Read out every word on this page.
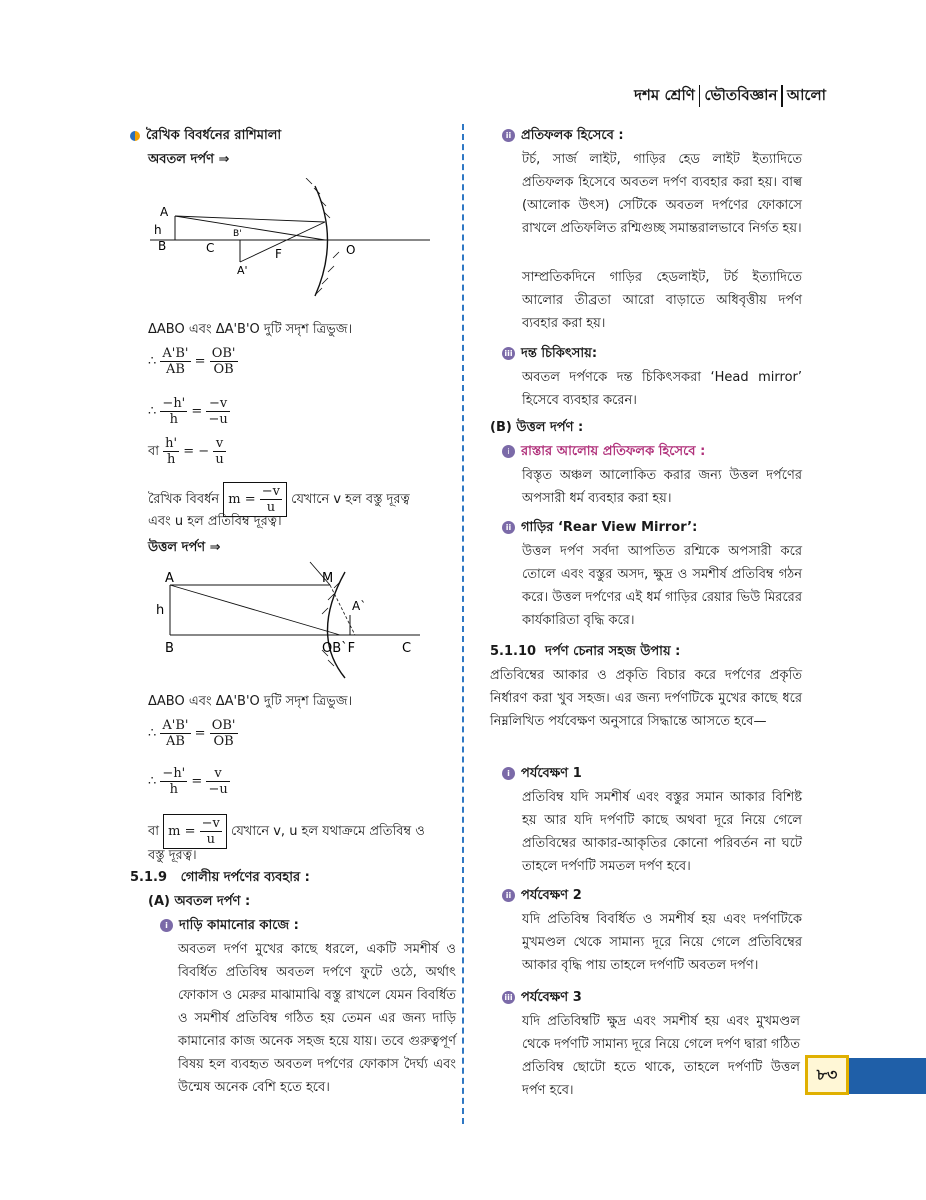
দশম শ্রেণি ভৌতবিজ্ঞান আলো
রৈখিক বিবর্ধনের রাশিমালা
অবতল দর্পণ ⇒
A
h
B
B'
C
A'
F	O
ΔABO এবং ΔA'B'O দুটি সদৃশ ত্রিভুজ।
∴ $\frac{A'B'}{AB} = \frac{OB'}{OB}$
∴ $\frac{-h'}{h} = \frac{-v}{-u}$
বা $\frac{h'}{h}$ = − $\frac{v}{u}$
রৈখিক বিবর্ধন $m = \frac{-v}{u}$ যেখানে v হল বস্তু দূরত্ব
এবং u হল প্রতিবিম্ব দূরত্ব।
উত্তল দর্পণ ⇒
A	M
h	A`
B	OB`F	C
ΔABO এবং ΔA'B'O দুটি সদৃশ ত্রিভুজ।
∴ $\frac{A'B'}{AB} = \frac{OB'}{OB}$
∴ $\frac{-h'}{h} = \frac{v}{-u}$
বা $m = \frac{-v}{u}$ যেখানে v, u হল যথাক্রমে প্রতিবিম্ব ও
বস্তু দূরত্ব।
5.1.9 গোলীয় দর্পণের ব্যবহার :
(A) অবতল দর্পণ :
i দাড়ি কামানোর কাজে :
অবতল দর্পণ মুখের কাছে ধরলে, একটি সমশীর্ষ ও বিবর্ধিত প্রতিবিম্ব অবতল দর্পণে ফুটে ওঠে, অর্থাৎ ফোকাস ও মেরুর মাঝামাঝি বস্তু রাখলে যেমন বিবর্ধিত ও সমশীর্ষ প্রতিবিম্ব গঠিত হয় তেমন এর জন্য দাড়ি কামানোর কাজ অনেক সহজ হয়ে যায়। তবে গুরুত্বপূর্ণ বিষয় হল ব্যবহৃত অবতল দর্পণের ফোকাস দৈর্ঘ্য এবং উন্মেষ অনেক বেশি হতে হবে।
ii প্রতিফলক হিসেবে :
টর্চ, সার্জ লাইট, গাড়ির হেড লাইট ইত্যাদিতে প্রতিফলক হিসেবে অবতল দর্পণ ব্যবহার করা হয়। বাল্ব (আলোক উৎস) সেটিকে অবতল দর্পণের ফোকাসে রাখলে প্রতিফলিত রশ্মিগুচ্ছ সমান্তরালভাবে নির্গত হয়।
সাম্প্রতিকদিনে গাড়ির হেডলাইট, টর্চ ইত্যাদিতে আলোর তীব্রতা আরো বাড়াতে অধিবৃত্তীয় দর্পণ ব্যবহার করা হয়।
iii দন্ত চিকিৎসায়:
অবতল দর্পণকে দন্ত চিকিৎসকরা ‘Head mirror’ হিসেবে ব্যবহার করেন।
(B) উত্তল দর্পণ :
i রাস্তার আলোয় প্রতিফলক হিসেবে :
বিস্তৃত অঞ্চল আলোকিত করার জন্য উত্তল দর্পণের অপসারী ধর্ম ব্যবহার করা হয়।
ii গাড়ির ‘Rear View Mirror’:
উত্তল দর্পণ সর্বদা আপতিত রশ্মিকে অপসারী করে তোলে এবং বস্তুর অসদ, ক্ষুদ্র ও সমশীর্ষ প্রতিবিম্ব গঠন করে। উত্তল দর্পণের এই ধর্ম গাড়ির রেয়ার ভিউ মিররের কার্যকারিতা বৃদ্ধি করে।
5.1.10 দর্পণ চেনার সহজ উপায় :
প্রতিবিম্বের আকার ও প্রকৃতি বিচার করে দর্পণের প্রকৃতি নির্ধারণ করা খুব সহজ। এর জন্য দর্পণটিকে মুখের কাছে ধরে নিম্নলিখিত পর্যবেক্ষণ অনুসারে সিদ্ধান্তে আসতে হবে—
i পর্যবেক্ষণ 1
প্রতিবিম্ব যদি সমশীর্ষ এবং বস্তুর সমান আকার বিশিষ্ট হয় আর যদি দর্পণটি কাছে অথবা দূরে নিয়ে গেলে প্রতিবিম্বের আকার-আকৃতির কোনো পরিবর্তন না ঘটে তাহলে দর্পণটি সমতল দর্পণ হবে।
ii পর্যবেক্ষণ 2
যদি প্রতিবিম্ব বিবর্ধিত ও সমশীর্ষ হয় এবং দর্পণটিকে মুখমণ্ডল থেকে সামান্য দূরে নিয়ে গেলে প্রতিবিম্বের আকার বৃদ্ধি পায় তাহলে দর্পণটি অবতল দর্পণ।
iii পর্যবেক্ষণ 3
যদি প্রতিবিম্বটি ক্ষুদ্র এবং সমশীর্ষ হয় এবং মুখমণ্ডল থেকে দর্পণটি সামান্য দূরে নিয়ে গেলে দর্পণ দ্বারা গঠিত প্রতিবিম্ব ছোটো হতে থাকে, তাহলে দর্পণটি উত্তল দর্পণ হবে।
৮৩
